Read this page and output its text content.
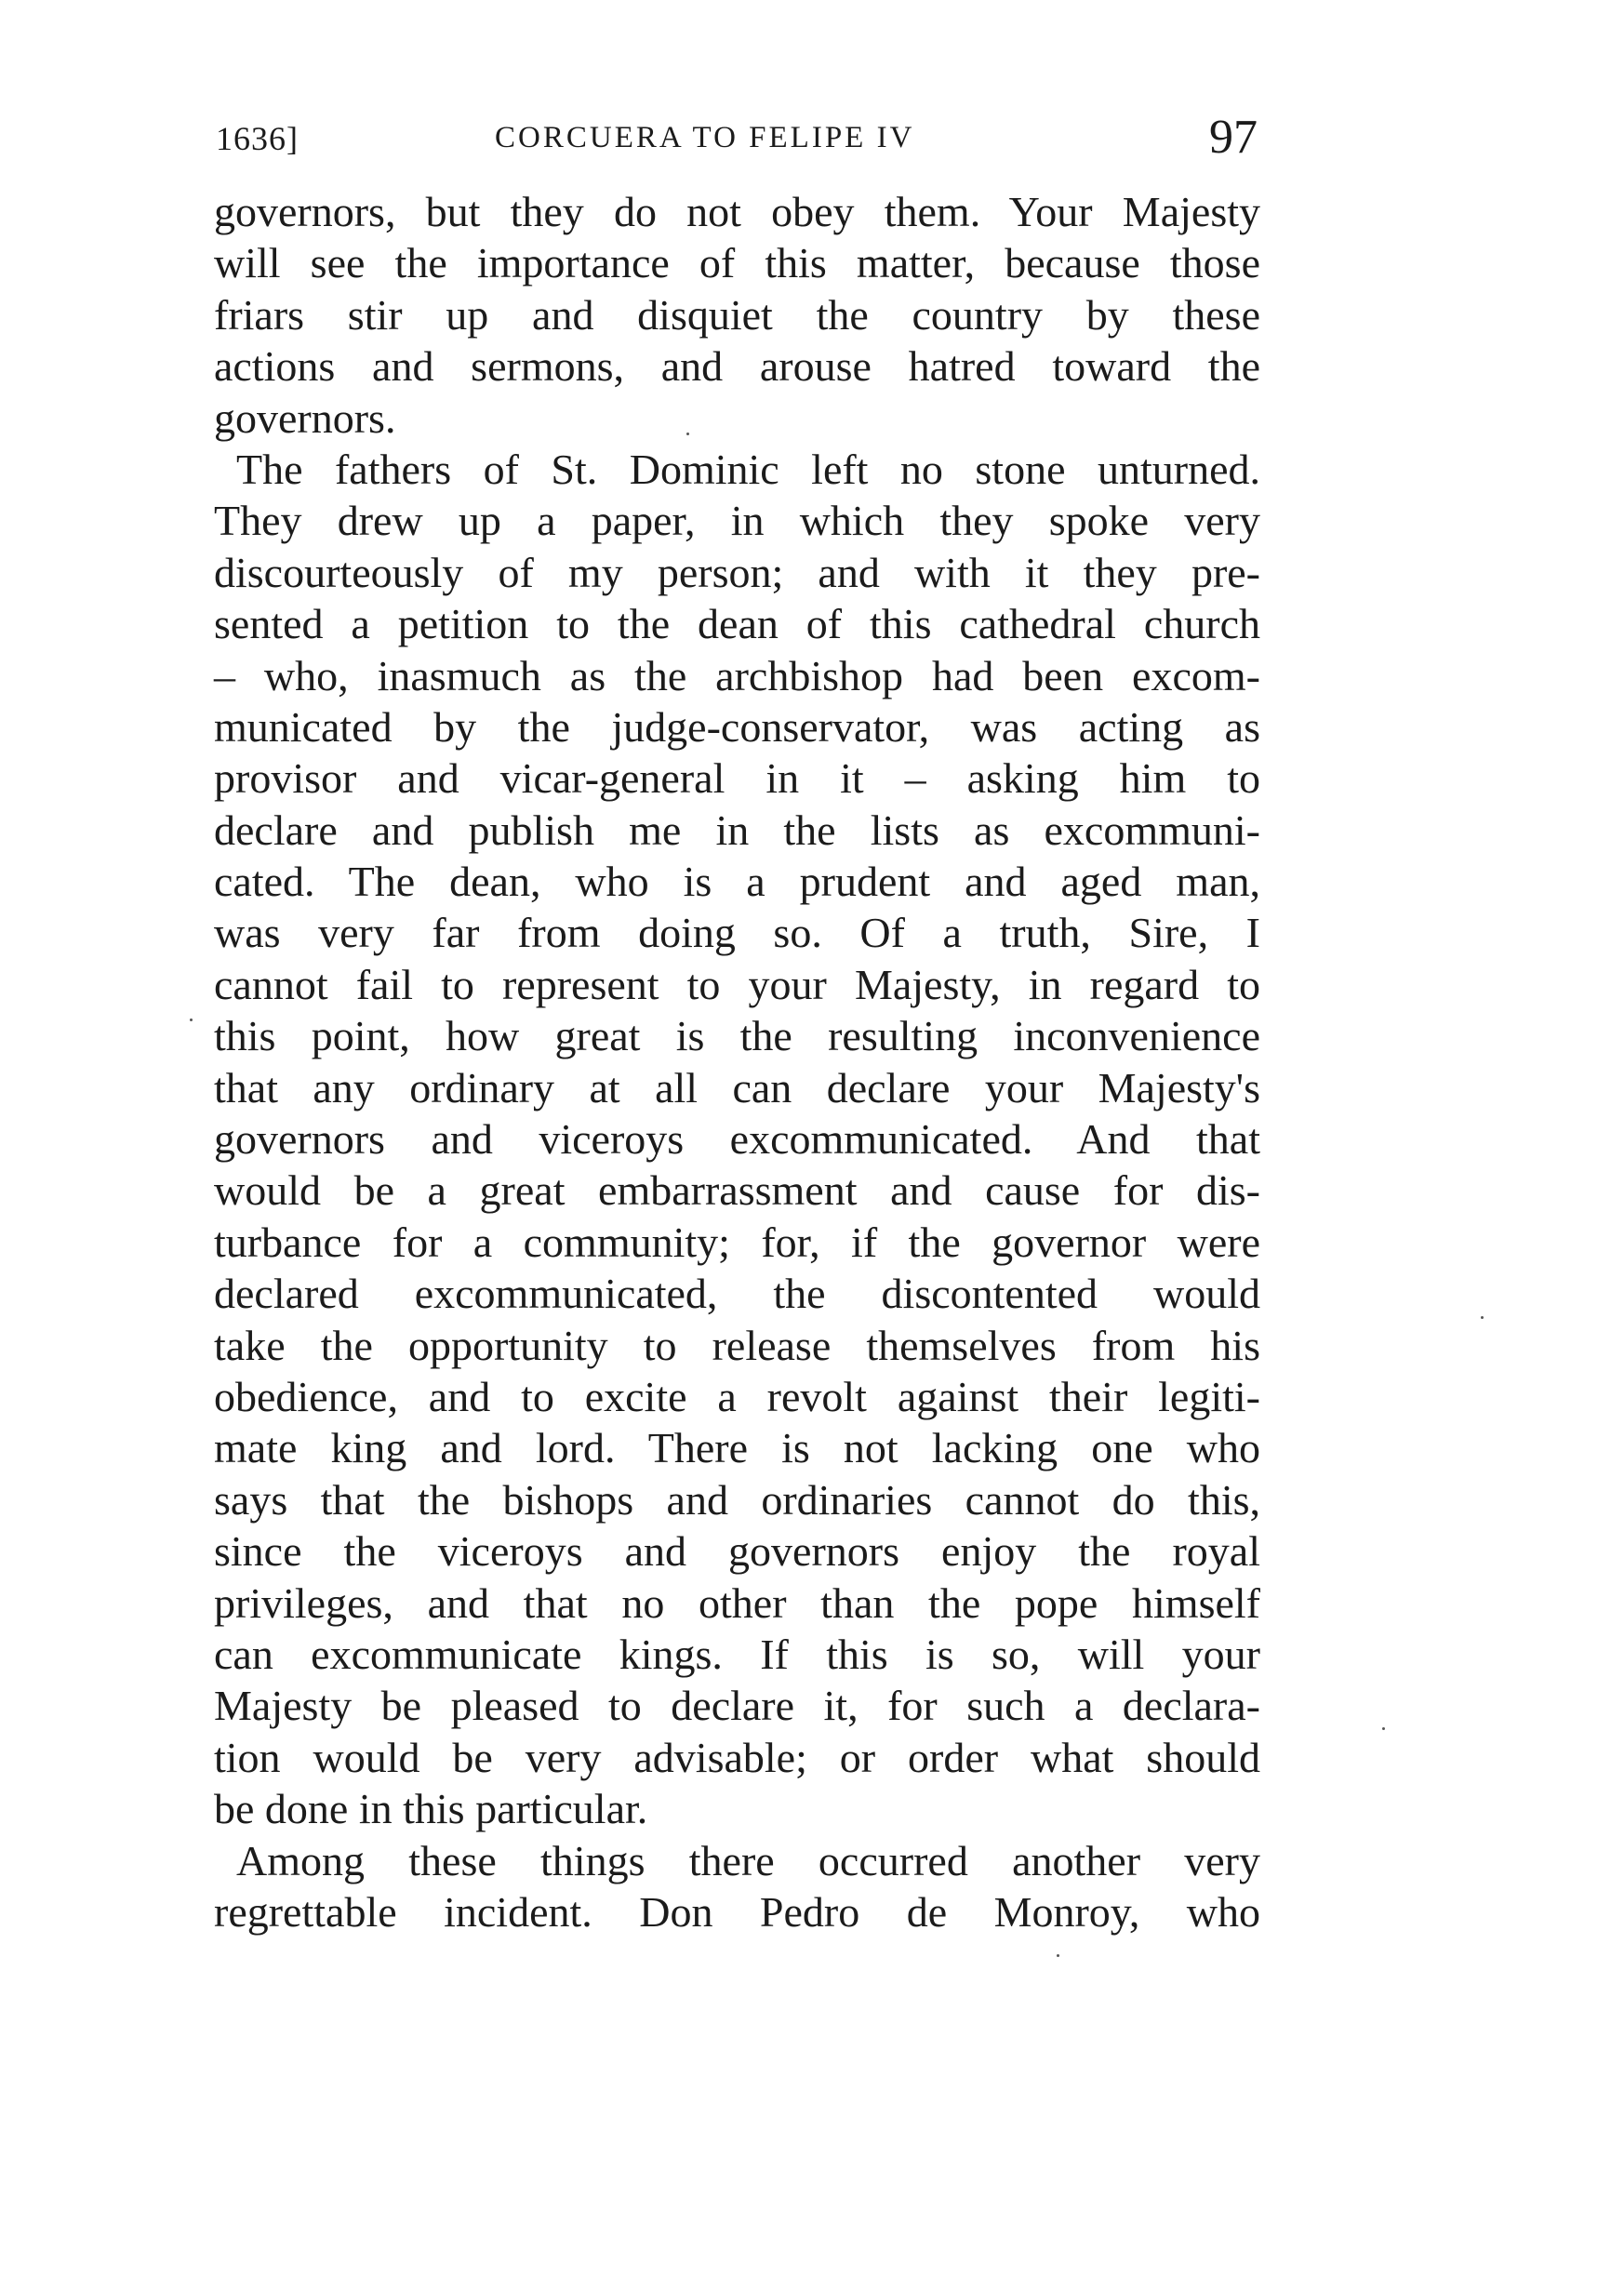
1636]	CORCUERA TO FELIPE IV	97
governors, but they do not obey them. Your Majesty
will see the importance of this matter, because those
friars stir up and disquiet the country by these
actions and sermons, and arouse hatred toward the
governors.
The fathers of St. Dominic left no stone unturned.
They drew up a paper, in which they spoke very
discourteously of my person; and with it they pre-
sented a petition to the dean of this cathedral church
– who, inasmuch as the archbishop had been excom-
municated by the judge-conservator, was acting as
provisor and vicar-general in it – asking him to
declare and publish me in the lists as excommuni-
cated. The dean, who is a prudent and aged man,
was very far from doing so. Of a truth, Sire, I
cannot fail to represent to your Majesty, in regard to
this point, how great is the resulting inconvenience
that any ordinary at all can declare your Majesty's
governors and viceroys excommunicated. And that
would be a great embarrassment and cause for dis-
turbance for a community; for, if the governor were
declared excommunicated, the discontented would
take the opportunity to release themselves from his
obedience, and to excite a revolt against their legiti-
mate king and lord. There is not lacking one who
says that the bishops and ordinaries cannot do this,
since the viceroys and governors enjoy the royal
privileges, and that no other than the pope himself
can excommunicate kings. If this is so, will your
Majesty be pleased to declare it, for such a declara-
tion would be very advisable; or order what should
be done in this particular.
Among these things there occurred another very
regrettable incident. Don Pedro de Monroy, who
